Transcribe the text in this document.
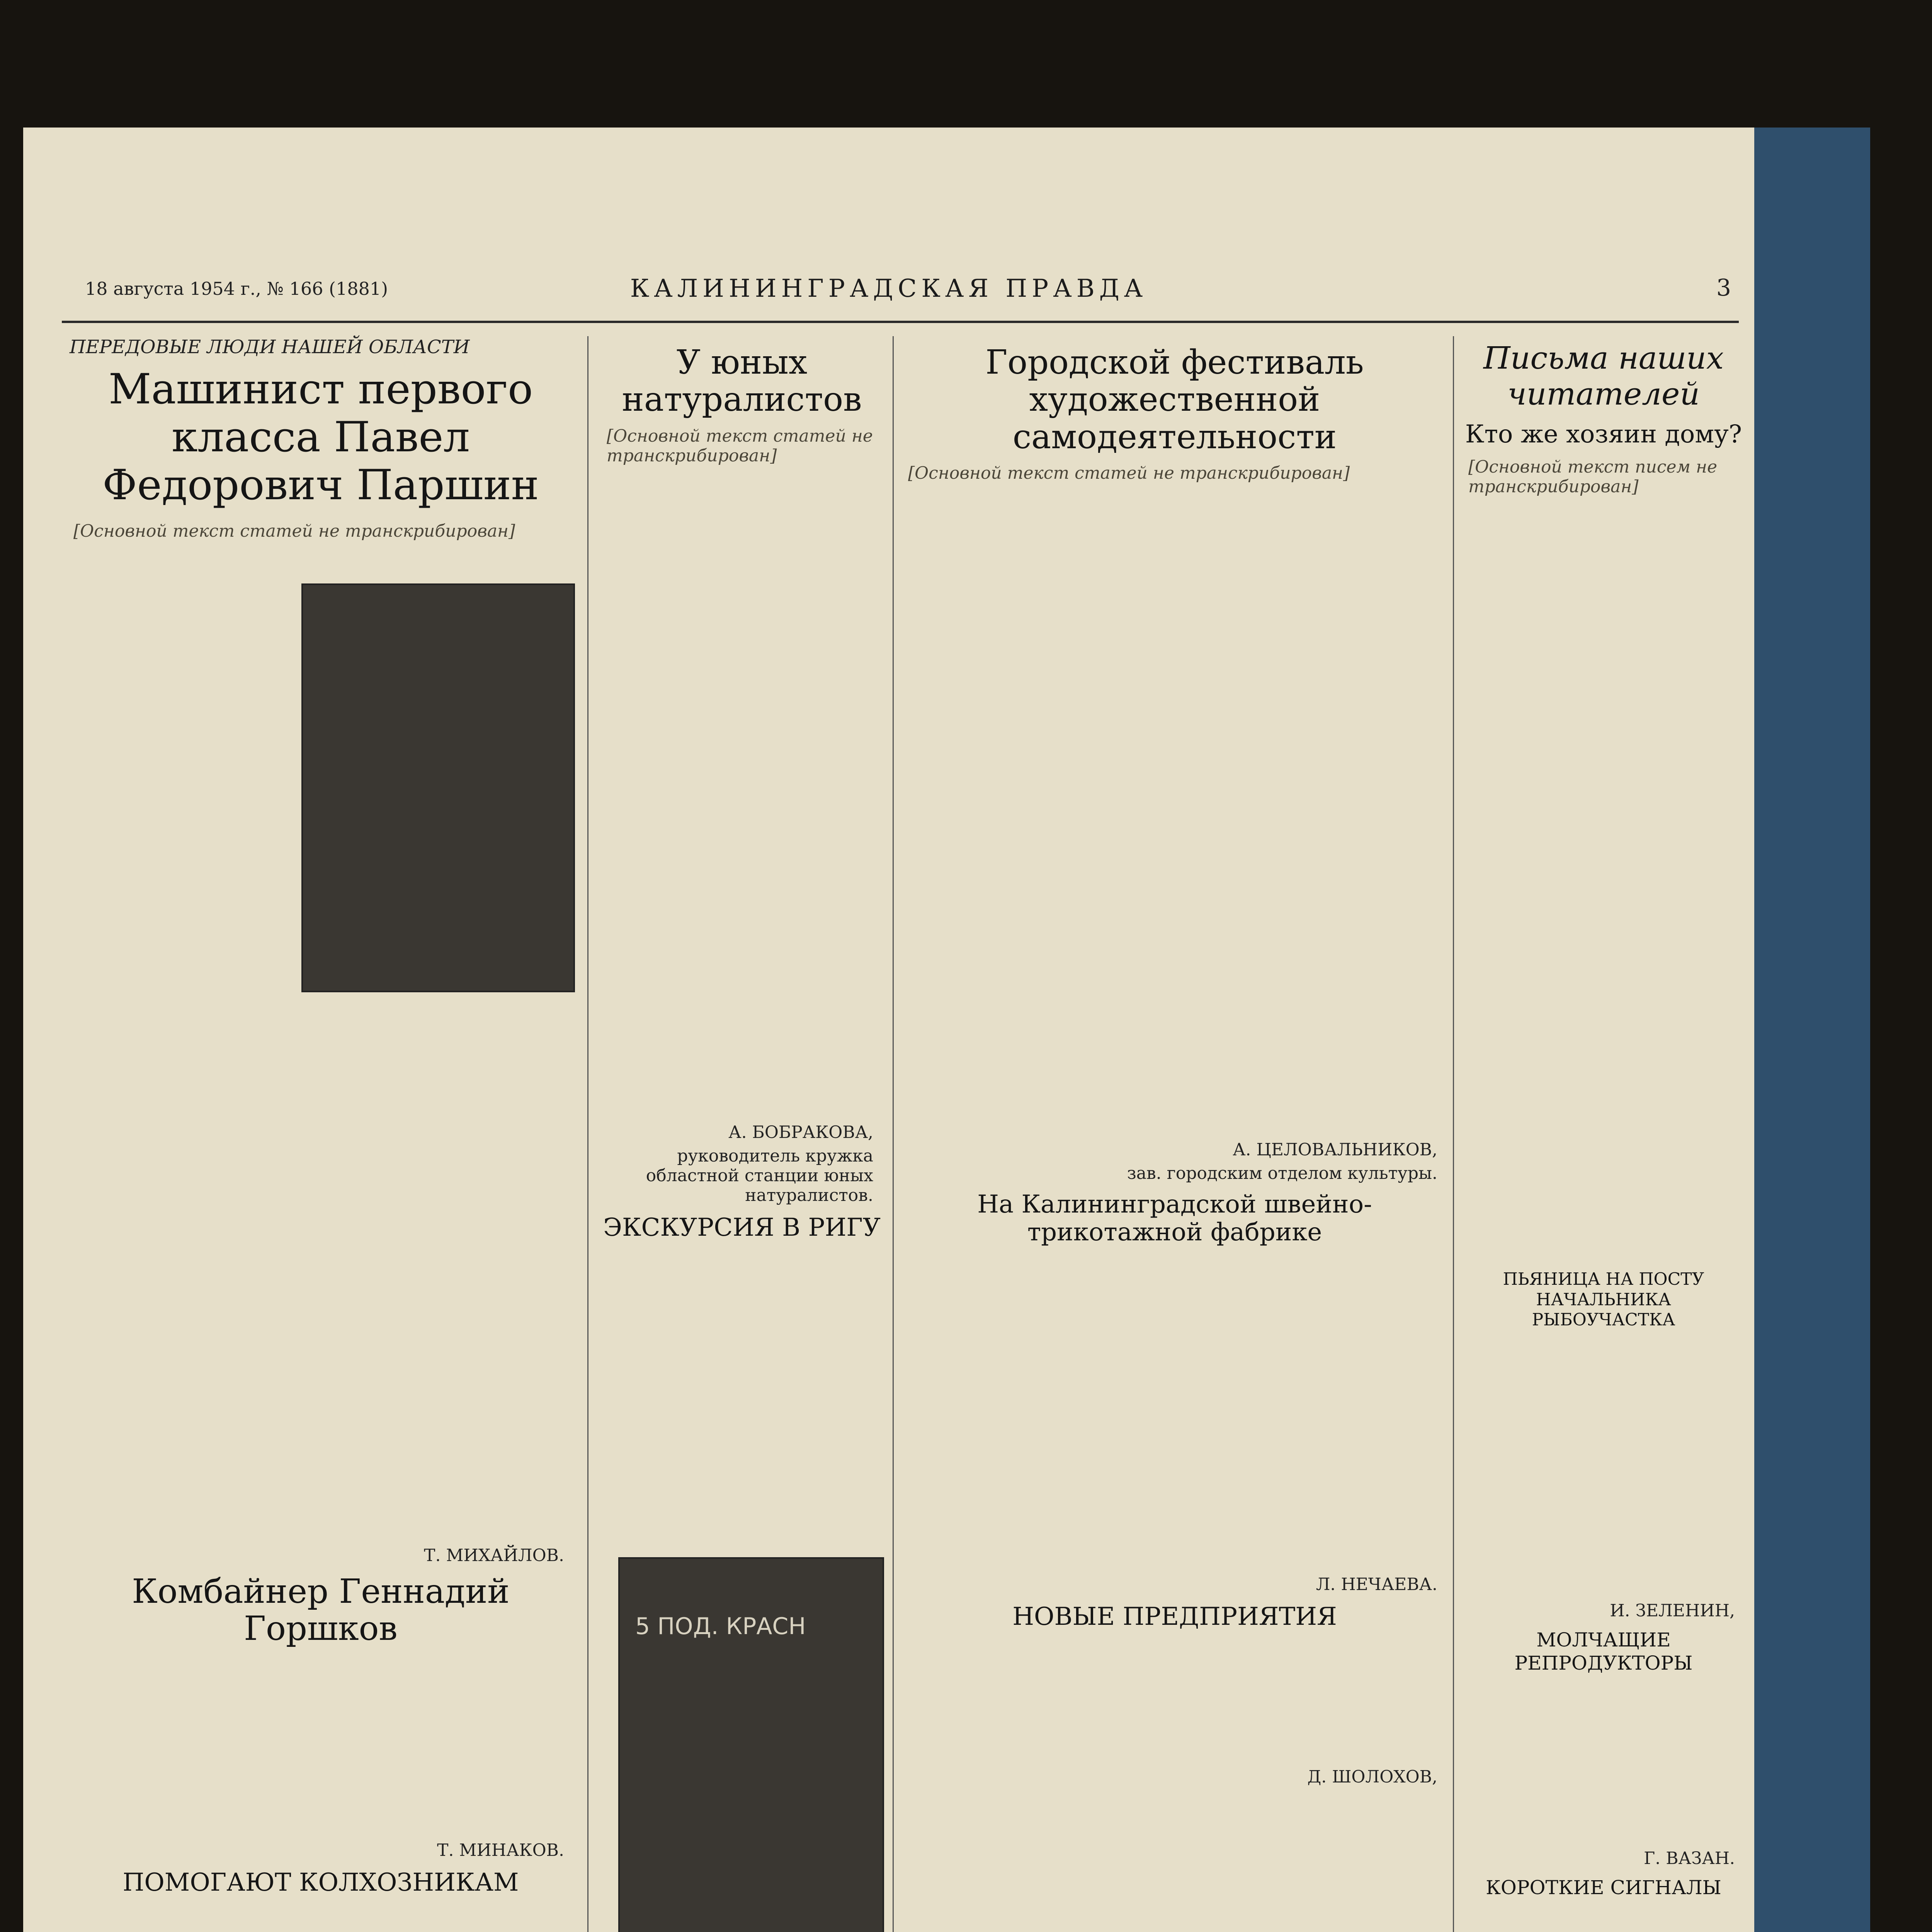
18 августа 1954 г., № 166 (1881)	КАЛИНИНГРАДСКАЯ ПРАВДА	3
ПЕРЕДОВЫЕ ЛЮДИ НАШЕЙ ОБЛАСТИ
Машинист первого класса Павел Федорович Паршин
[Основной текст статей не транскрибирован]
Т. МИХАЙЛОВ.
Комбайнер Геннадий Горшков
Т. МИНАКОВ.
ПОМОГАЮТ КОЛХОЗНИКАМ
У юных натуралистов
[Основной текст статей не транскрибирован]
А. БОБРАКОВА,
руководитель кружка областной станции юных натуралистов.
ЭКСКУРСИЯ В РИГУ
5 ПОД. КРАСН
Городской фестиваль художественной самодеятельности
[Основной текст статей не транскрибирован]
А. ЦЕЛОВАЛЬНИКОВ,
зав. городским отделом культуры.
На Калининградской швейно-трикотажной фабрике
Л. НЕЧАЕВА.
НОВЫЕ ПРЕДПРИЯТИЯ
Д. ШОЛОХОВ,
Письма наших читателей
Кто же хозяин дому?
[Основной текст писем не транскрибирован]
ПЬЯНИЦА НА ПОСТУ НАЧАЛЬНИКА РЫБОУЧАСТКА
И. ЗЕЛЕНИН,
МОЛЧАЩИЕ РЕПРОДУКТОРЫ
Г. ВАЗАН.
КОРОТКИЕ СИГНАЛЫ
